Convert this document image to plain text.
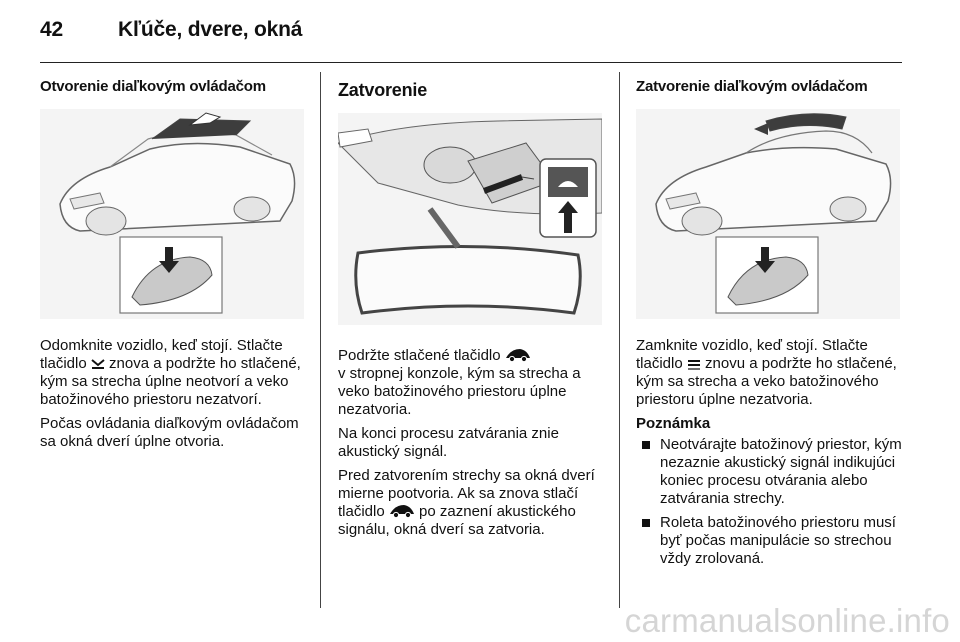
42	Kľúče, dvere, okná
Otvorenie diaľkovým ovládačom

Odomknite vozidlo, keď stojí. Stlačte
tlačidlo  znova a podržte ho stlačené, kým sa strecha úplne neotvorí a veko batožinového priestoru nezatvorí.

Počas ovládania diaľkovým ovládačom sa okná dverí úplne otvoria.

Zatvorenie

Podržte stlačené tlačidlo
v stropnej konzole, kým sa strecha a veko batožinového priestoru úplne nezatvoria.

Na konci procesu zatvárania znie akustický signál.

Pred zatvorením strechy sa okná dverí mierne pootvoria. Ak sa znova stlačí tlačidlo  po zaznení akustického signálu, okná dverí sa zatvoria.

Zatvorenie diaľkovým ovládačom

Zamknite vozidlo, keď stojí. Stlačte
tlačidlo  znovu a podržte ho stlačené, kým sa strecha a veko batožinového priestoru úplne nezatvoria.

Poznámka
Neotvárajte batožinový priestor, kým nezaznie akustický signál indikujúci koniec procesu otvárania alebo zatvárania strechy.
Roleta batožinového priestoru musí byť počas manipulácie so strechou vždy zrolovaná.
carmanualsonline.info
